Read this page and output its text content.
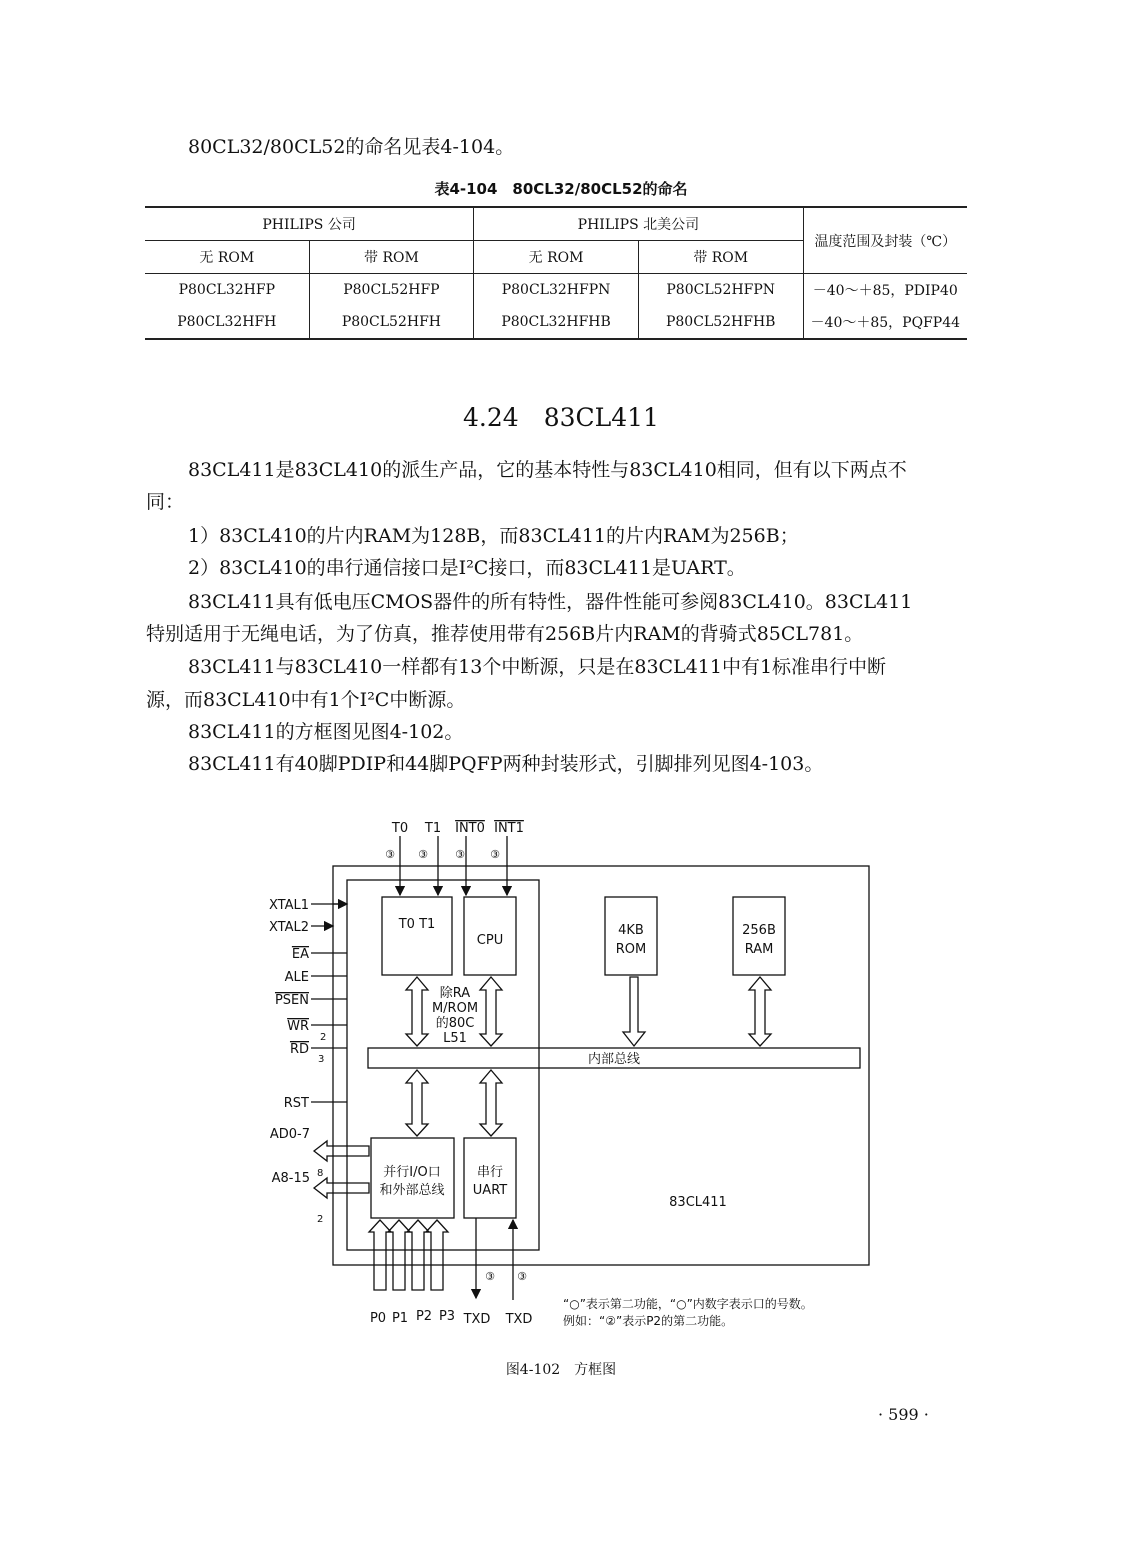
80CL32/80CL52的命名见表4-104。
表4-104　80CL32/80CL52的命名
PHILIPS 公司		PHILIPS 北美公司		温度范围及封装（℃）
无 ROM	带 ROM	无 ROM	带 ROM	
P80CL32HFP	P80CL52HFP	P80CL32HFPN	P80CL52HFPN	－40～＋85，PDIP40
P80CL32HFH	P80CL52HFH	P80CL32HFHB	P80CL52HFHB	－40～＋85，PQFP44
4.24　83CL411
83CL411是83CL410的派生产品，它的基本特性与83CL410相同，但有以下两点不
同：
1）83CL410的片内RAM为128B，而83CL411的片内RAM为256B；
2）83CL410的串行通信接口是I²C接口，而83CL411是UART。
83CL411具有低电压CMOS器件的所有特性，器件性能可参阅83CL410。83CL411
特别适用于无绳电话，为了仿真，推荐使用带有256B片内RAM的背骑式85CL781。
83CL411与83CL410一样都有13个中断源，只是在83CL411中有1标准串行中断
源，而83CL410中有1个I²C中断源。
83CL411的方框图见图4-102。
83CL411有40脚PDIP和44脚PQFP两种封装形式，引脚排列见图4-103。
T0 T1 INT0 INT1
③ ③ ③ ③
XTAL1
XTAL2
EA
ALE
PSEN
WR
RD
RST
AD0-7
A8-15
2
3
8
2
T0 T1
CPU
4KB
ROM
256B
RAM
除RA
M/ROM
的80C
L51
内部总线
并行I/O口
和外部总线
串行
UART
83CL411
P0 P1 P2 P3 TXD TXD
③ ③
“○”表示第二功能，“○”内数字表示口的号数。
例如：“②”表示P2的第二功能。
图4-102　方框图
· 599 ·
